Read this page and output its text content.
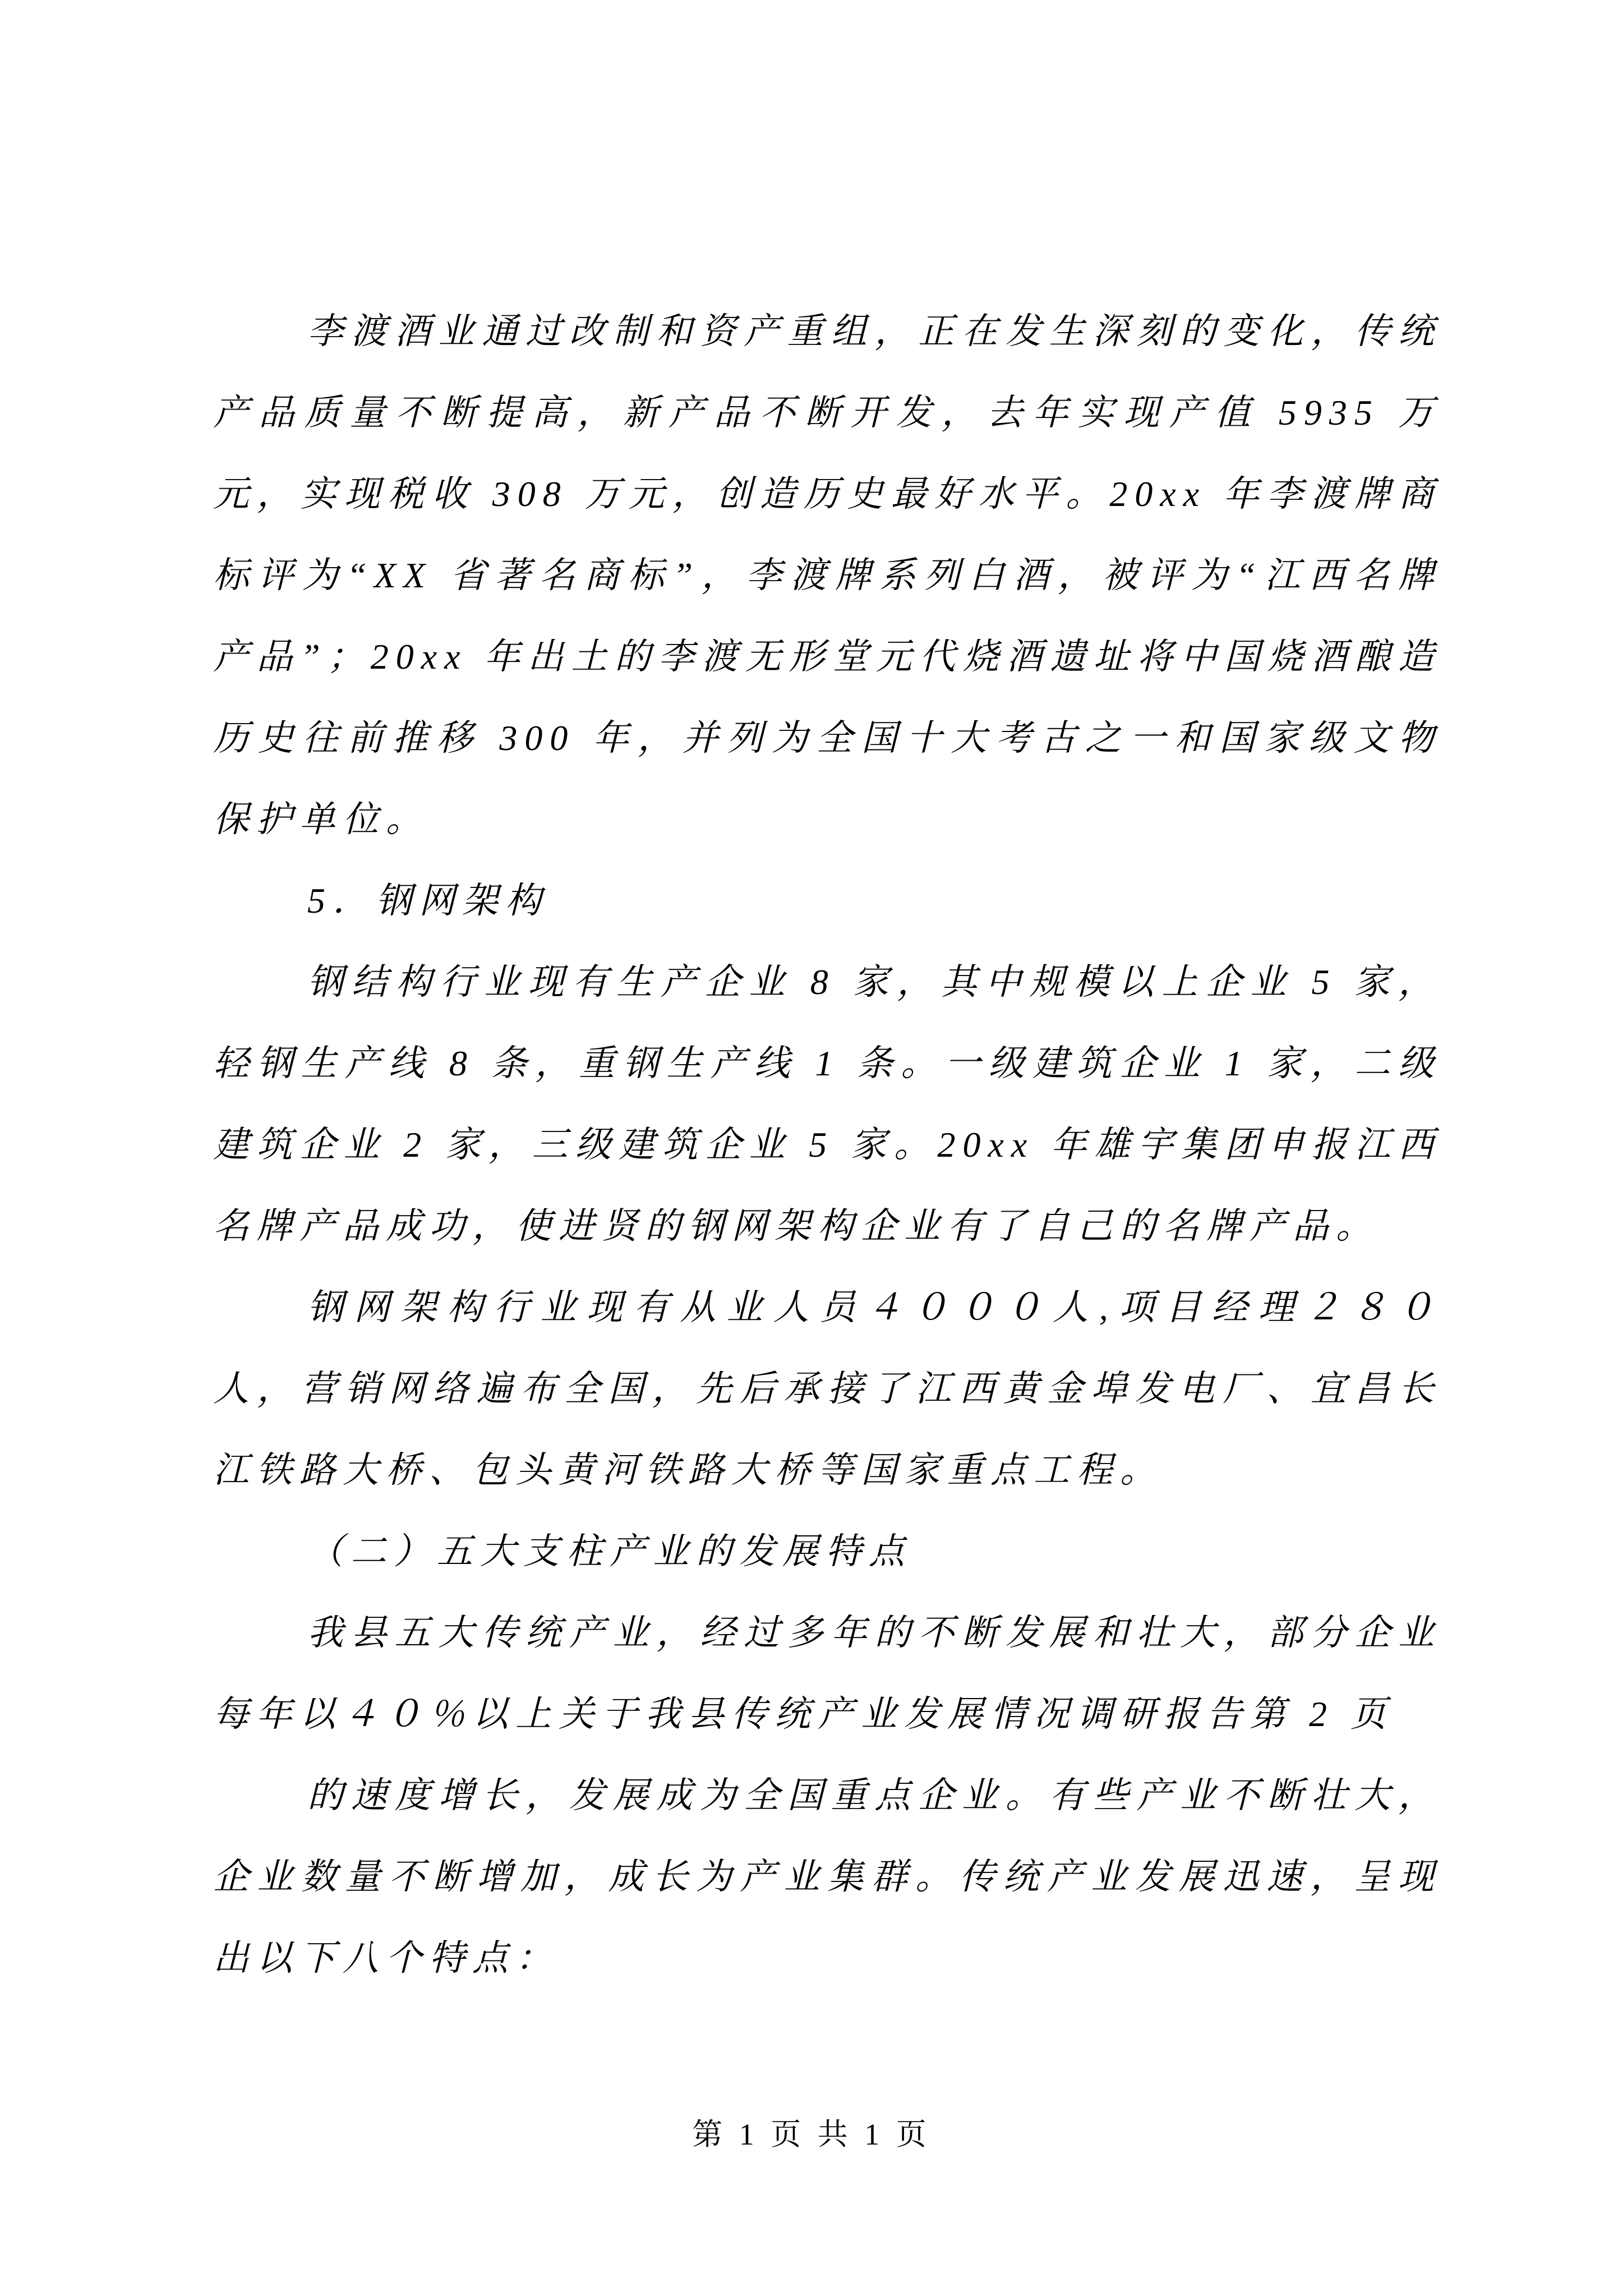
李渡酒业通过改制和资产重组，正在发生深刻的变化，传统产品质量不断提高，新产品不断开发，去年实现产值 5935 万元，实现税收 308 万元，创造历史最好水平。20xx 年李渡牌商标评为“XX 省著名商标”，李渡牌系列白酒，被评为“江西名牌产品”；20xx 年出土的李渡无形堂元代烧酒遗址将中国烧酒酿造历史往前推移 300 年，并列为全国十大考古之一和国家级文物保护单位。

5．钢网架构

钢结构行业现有生产企业 8 家，其中规模以上企业 5 家，轻钢生产线 8 条，重钢生产线 1 条。一级建筑企业 1 家，二级建筑企业 2 家，三级建筑企业 5 家。20xx 年雄宇集团申报江西名牌产品成功，使进贤的钢网架构企业有了自己的名牌产品。

钢网架构行业现有从业人员４０００人,项目经理２８０人，营销网络遍布全国，先后承接了江西黄金埠发电厂、宜昌长江铁路大桥、包头黄河铁路大桥等国家重点工程。

（二）五大支柱产业的发展特点

我县五大传统产业，经过多年的不断发展和壮大，部分企业每年以４０％以上关于我县传统产业发展情况调研报告第 2 页

的速度增长，发展成为全国重点企业。有些产业不断壮大，企业数量不断增加，成长为产业集群。传统产业发展迅速，呈现出以下八个特点：

第 1 页 共 1 页
